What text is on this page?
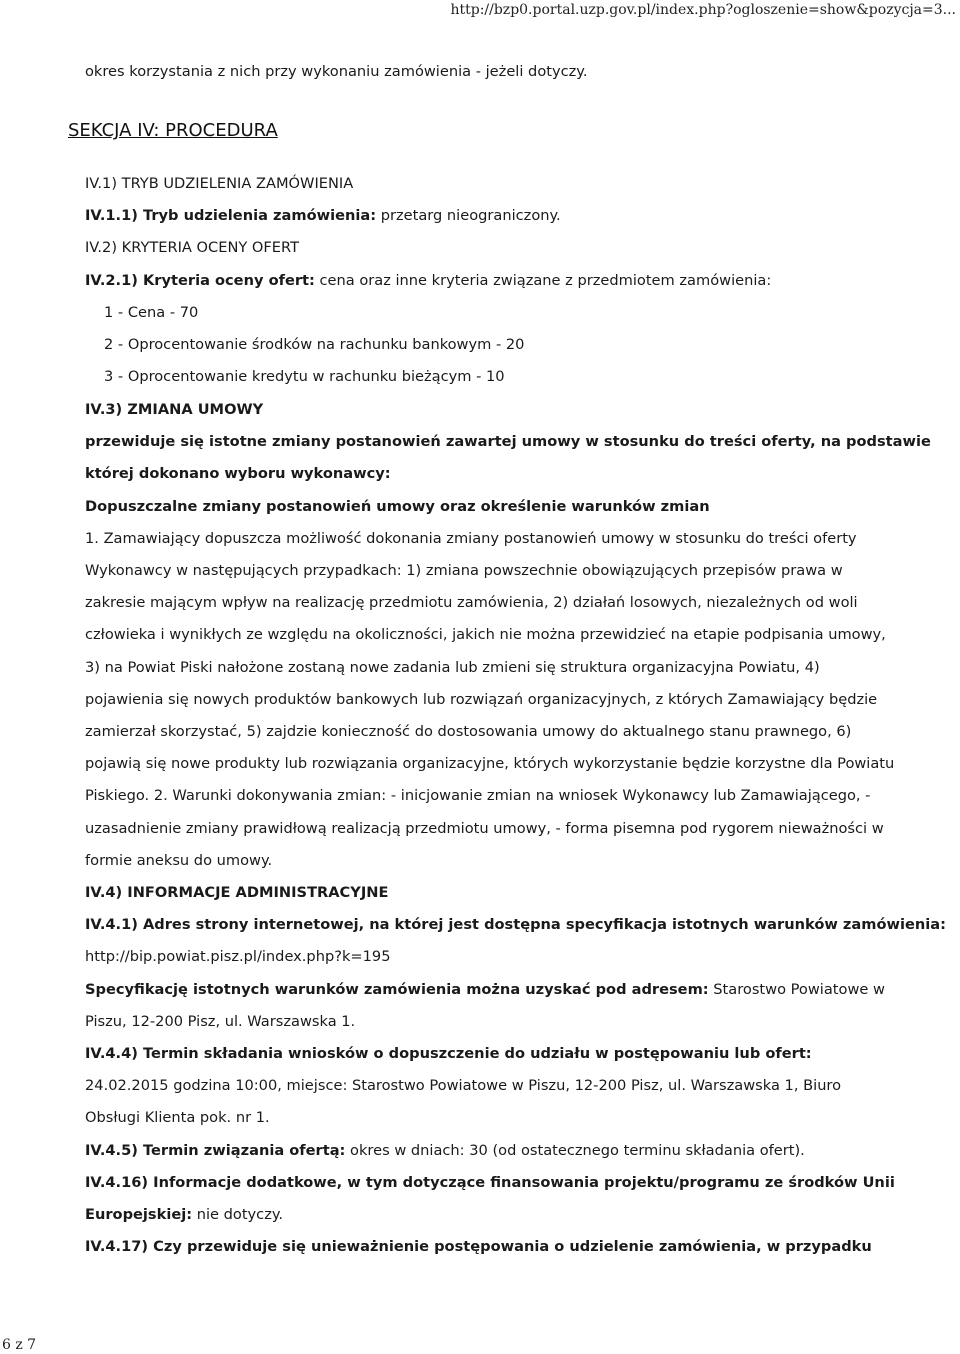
http://bzp0.portal.uzp.gov.pl/index.php?ogloszenie=show&pozycja=3...
okres korzystania z nich przy wykonaniu zamówienia - jeżeli dotyczy.
SEKCJA IV: PROCEDURA
IV.1) TRYB UDZIELENIA ZAMÓWIENIA
IV.1.1) Tryb udzielenia zamówienia: przetarg nieograniczony.
IV.2) KRYTERIA OCENY OFERT
IV.2.1) Kryteria oceny ofert: cena oraz inne kryteria związane z przedmiotem zamówienia:
1 - Cena - 70
2 - Oprocentowanie środków na rachunku bankowym - 20
3 - Oprocentowanie kredytu w rachunku bieżącym - 10
IV.3) ZMIANA UMOWY
przewiduje się istotne zmiany postanowień zawartej umowy w stosunku do treści oferty, na podstawie
której dokonano wyboru wykonawcy:
Dopuszczalne zmiany postanowień umowy oraz określenie warunków zmian
1. Zamawiający dopuszcza możliwość dokonania zmiany postanowień umowy w stosunku do treści oferty Wykonawcy w następujących przypadkach: 1) zmiana powszechnie obowiązujących przepisów prawa w zakresie mającym wpływ na realizację przedmiotu zamówienia, 2) działań losowych, niezależnych od woli człowieka i wynikłych ze względu na okoliczności, jakich nie można przewidzieć na etapie podpisania umowy, 3) na Powiat Piski nałożone zostaną nowe zadania lub zmieni się struktura organizacyjna Powiatu, 4) pojawienia się nowych produktów bankowych lub rozwiązań organizacyjnych, z których Zamawiający będzie zamierzał skorzystać, 5) zajdzie konieczność do dostosowania umowy do aktualnego stanu prawnego, 6) pojawią się nowe produkty lub rozwiązania organizacyjne, których wykorzystanie będzie korzystne dla Powiatu Piskiego. 2. Warunki dokonywania zmian: - inicjowanie zmian na wniosek Wykonawcy lub Zamawiającego, - uzasadnienie zmiany prawidłową realizacją przedmiotu umowy, - forma pisemna pod rygorem nieważności w formie aneksu do umowy.
IV.4) INFORMACJE ADMINISTRACYJNE
IV.4.1) Adres strony internetowej, na której jest dostępna specyfikacja istotnych warunków zamówienia:
http://bip.powiat.pisz.pl/index.php?k=195
Specyfikację istotnych warunków zamówienia można uzyskać pod adresem: Starostwo Powiatowe w Piszu, 12-200 Pisz, ul. Warszawska 1.
IV.4.4) Termin składania wniosków o dopuszczenie do udziału w postępowaniu lub ofert: 24.02.2015 godzina 10:00, miejsce: Starostwo Powiatowe w Piszu, 12-200 Pisz, ul. Warszawska 1, Biuro Obsługi Klienta pok. nr 1.
IV.4.5) Termin związania ofertą: okres w dniach: 30 (od ostatecznego terminu składania ofert).
IV.4.16) Informacje dodatkowe, w tym dotyczące finansowania projektu/programu ze środków Unii Europejskiej: nie dotyczy.
IV.4.17) Czy przewiduje się unieważnienie postępowania o udzielenie zamówienia, w przypadku
6 z 7
